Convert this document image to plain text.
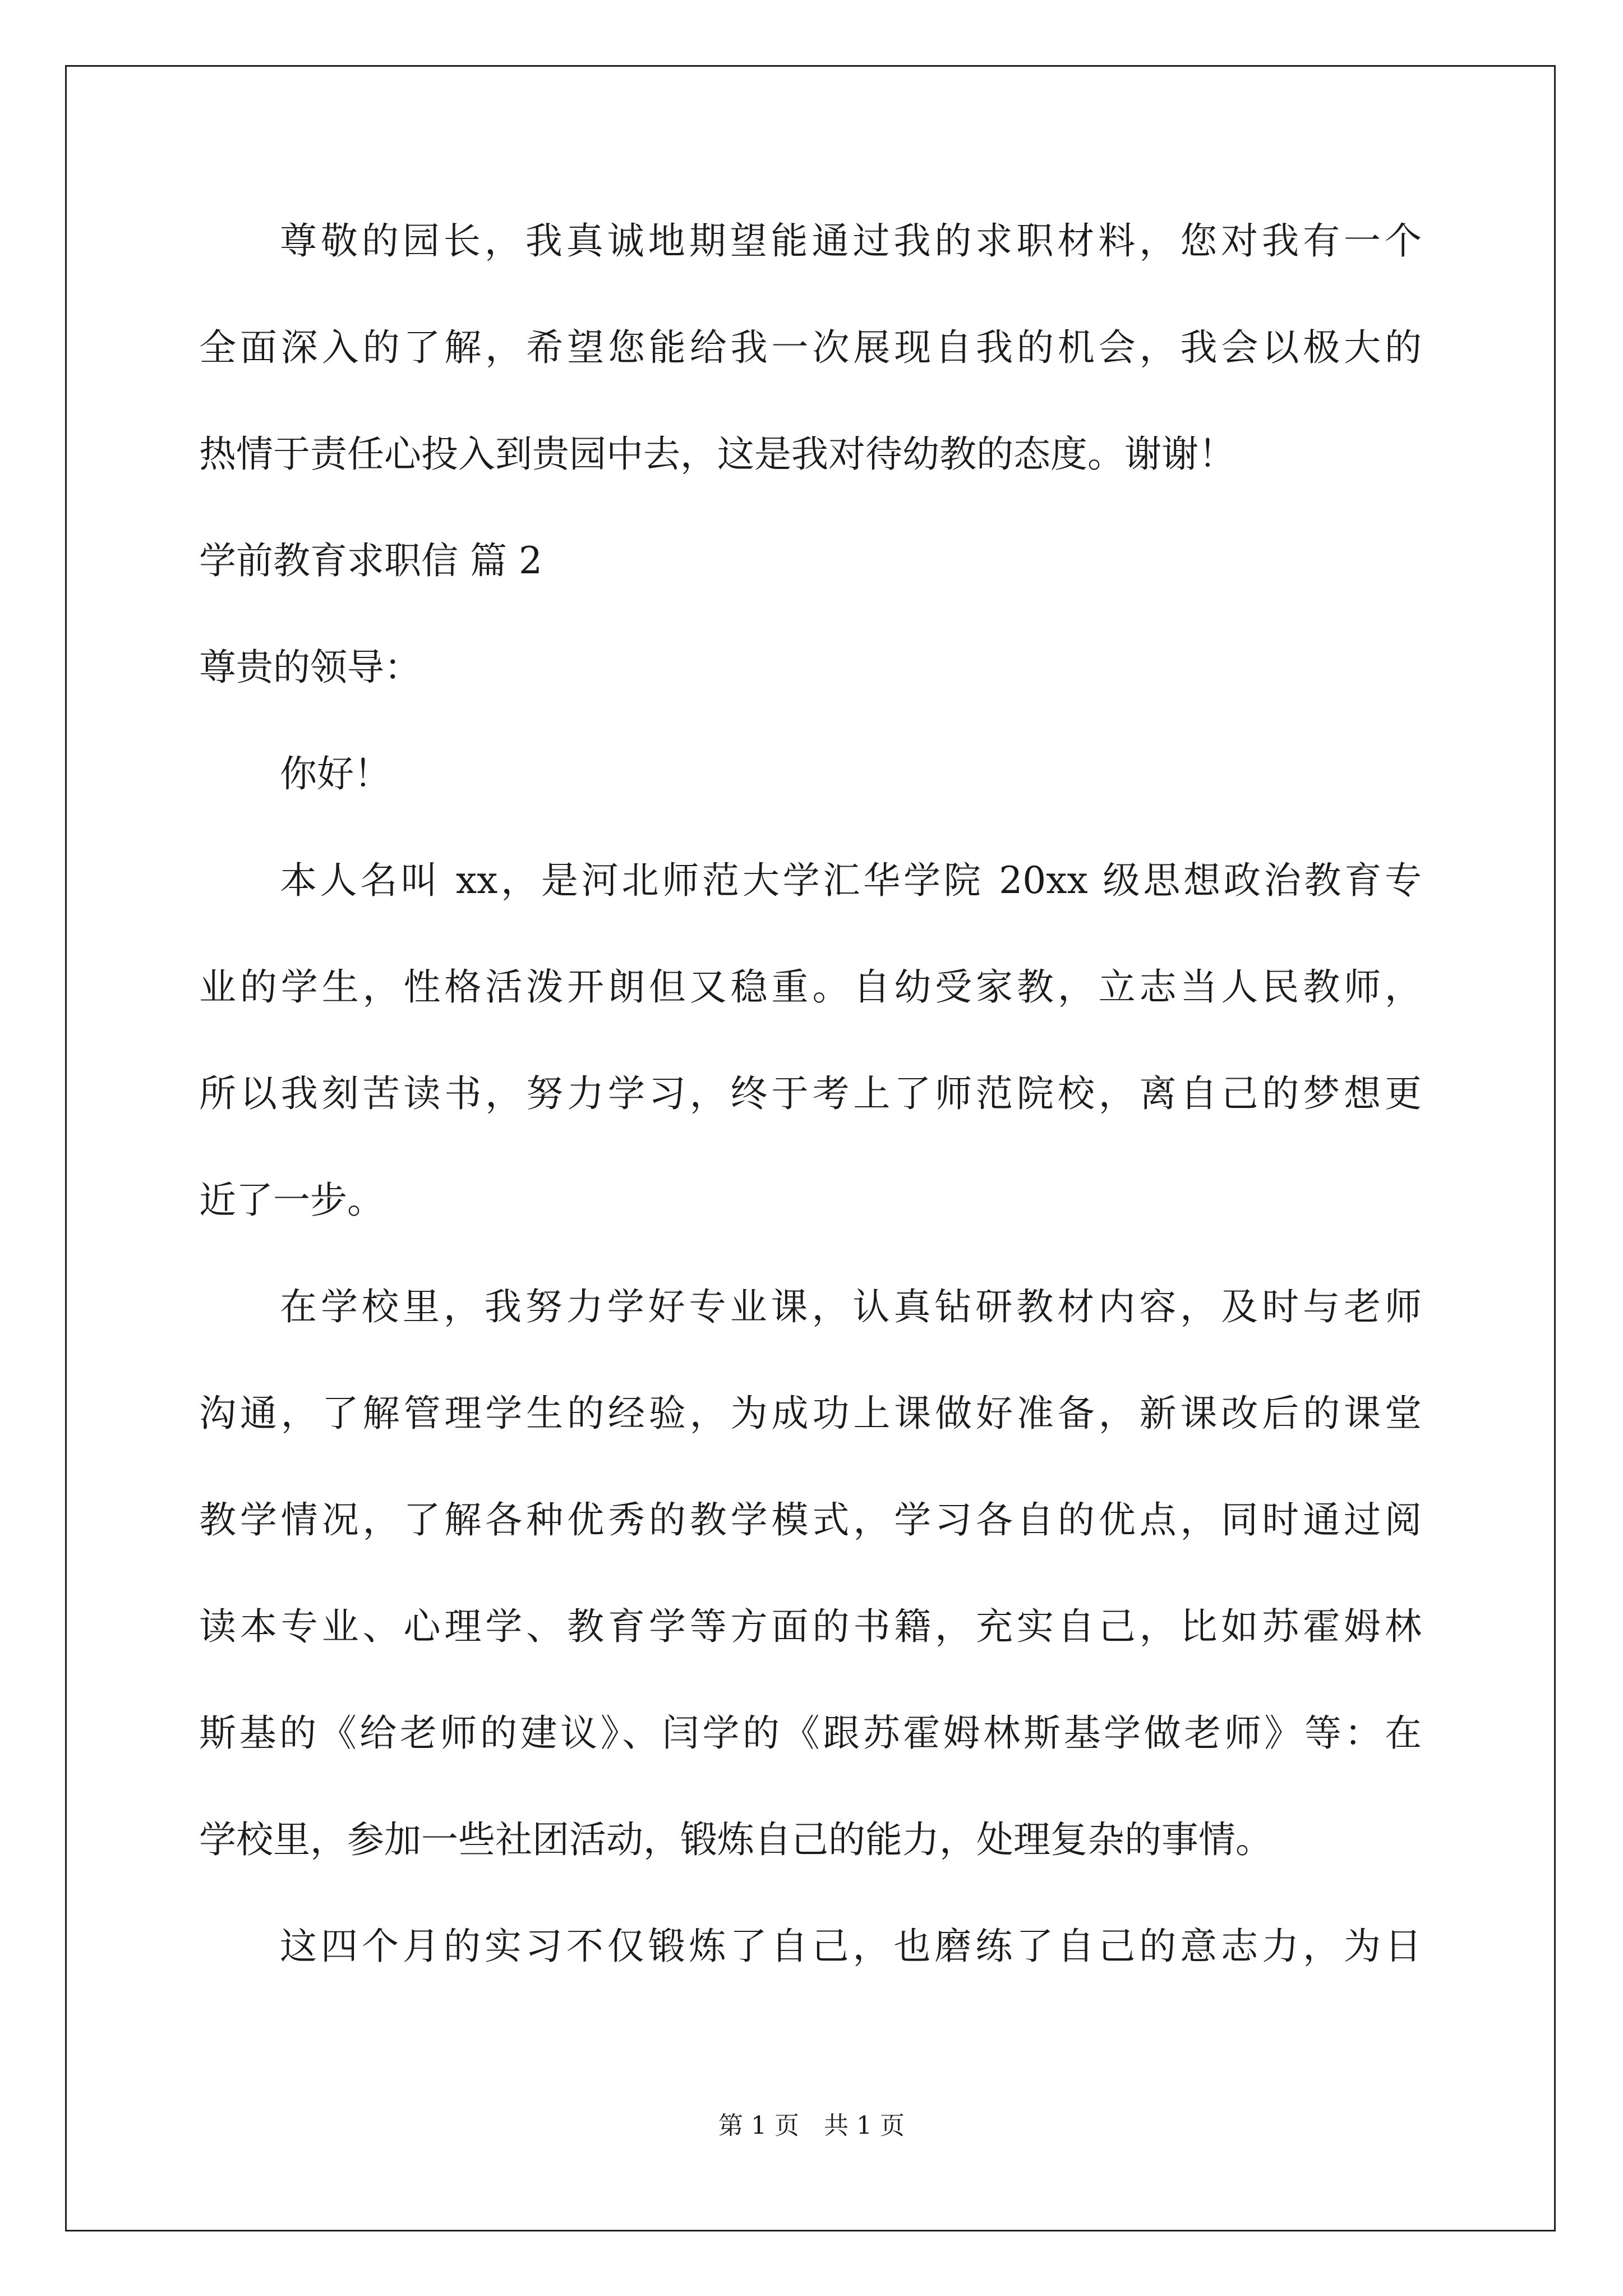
尊敬的园长，我真诚地期望能通过我的求职材料，您对我有一个
全面深入的了解，希望您能给我一次展现自我的机会，我会以极大的
热情于责任心投入到贵园中去，这是我对待幼教的态度。谢谢！
学前教育求职信 篇 2
尊贵的领导：
你好！
本人名叫 xx，是河北师范大学汇华学院 20xx 级思想政治教育专
业的学生，性格活泼开朗但又稳重。自幼受家教，立志当人民教师，
所以我刻苦读书，努力学习，终于考上了师范院校，离自己的梦想更
近了一步。
在学校里，我努力学好专业课，认真钻研教材内容，及时与老师
沟通，了解管理学生的经验，为成功上课做好准备，新课改后的课堂
教学情况，了解各种优秀的教学模式，学习各自的优点，同时通过阅
读本专业、心理学、教育学等方面的书籍，充实自己，比如苏霍姆林
斯基的《给老师的建议》、闫学的《跟苏霍姆林斯基学做老师》等：在
学校里，参加一些社团活动，锻炼自己的能力，处理复杂的事情。
这四个月的实习不仅锻炼了自己，也磨练了自己的意志力，为日
第 1 页　共 1 页
